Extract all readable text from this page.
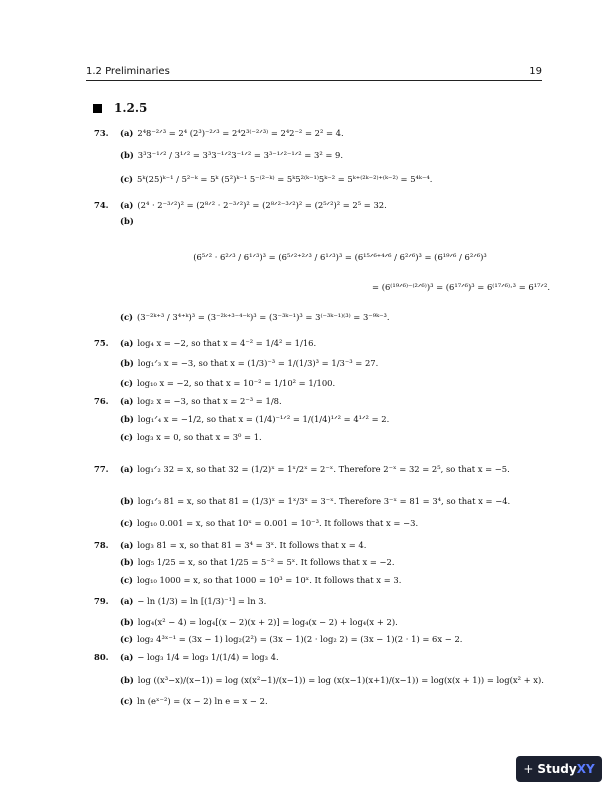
1.2 Preliminaries	19
1.2.5
73. (a) 2⁴8⁻²ᐟ³ = 2⁴ (2³)⁻²ᐟ³ = 2⁴2³⁽⁻²ᐟ³⁾ = 2⁴2⁻² = 2² = 4.
(b) 3³3⁻¹ᐟ² / 3¹ᐟ² = 3³3⁻¹ᐟ²3⁻¹ᐟ² = 3³⁻¹ᐟ²⁻¹ᐟ² = 3² = 9.
(c) 5ᵏ(25)ᵏ⁻¹ / 5²⁻ᵏ = 5ᵏ (5²)ᵏ⁻¹ 5⁻⁽²⁻ᵏ⁾ = 5ᵏ5²⁽ᵏ⁻¹⁾5ᵏ⁻² = 5ᵏ⁺⁽²ᵏ⁻²⁾⁺⁽ᵏ⁻²⁾ = 5⁴ᵏ⁻⁴.
74. (a) (2⁴ · 2⁻³ᐟ²)² = (2⁸ᐟ² · 2⁻³ᐟ²)² = (2⁸ᐟ²⁻³ᐟ²)² = (2⁵ᐟ²)² = 2⁵ = 32.
(b)
75. (a) log₄ x = −2, so that x = 4⁻² = 1/4² = 1/16.
(b) log₁ᐟ₃ x = −3, so that x = (1/3)⁻³ = 1/(1/3)³ = 1/3⁻³ = 27.
(c) log₁₀ x = −2, so that x = 10⁻² = 1/10² = 1/100.
76. (a) log₂ x = −3, so that x = 2⁻³ = 1/8.
(b) log₁ᐟ₄ x = −1/2, so that x = (1/4)⁻¹ᐟ² = 1/(1/4)¹ᐟ² = 4¹ᐟ² = 2.
(c) log₃ x = 0, so that x = 3⁰ = 1.
77. (a) log₁ᐟ₂ 32 = x, so that 32 = (1/2)ˣ = 1ˣ/2ˣ = 2⁻ˣ. Therefore 2⁻ˣ = 32 = 2⁵, so that x = −5.
(b) log₁ᐟ₃ 81 = x, so that 81 = (1/3)ˣ = 1ˣ/3ˣ = 3⁻ˣ. Therefore 3⁻ˣ = 81 = 3⁴, so that x = −4.
(c) log₁₀ 0.001 = x, so that 10ˣ = 0.001 = 10⁻³. It follows that x = −3.
78. (a) log₃ 81 = x, so that 81 = 3⁴ = 3ˣ. It follows that x = 4.
(b) log₅ 1/25 = x, so that 1/25 = 5⁻² = 5ˣ. It follows that x = −2.
(c) log₁₀ 1000 = x, so that 1000 = 10³ = 10ˣ. It follows that x = 3.
79. (a) − ln (1/3) = ln [(1/3)⁻¹] = ln 3.
(b) log₄(x² − 4) = log₄[(x − 2)(x + 2)] = log₄(x − 2) + log₄(x + 2).
(c) log₂ 4³ˣ⁻¹ = (3x − 1) log₂(2²) = (3x − 1)(2 · log₂ 2) = (3x − 1)(2 · 1) = 6x − 2.
80. (a) − log₃ 1/4 = log₃ 1/(1/4) = log₃ 4.
(b) log ((x³−x)/(x−1)) = log (x(x²−1)/(x−1)) = log (x(x−1)(x+1)/(x−1)) = log(x(x + 1)) = log(x² + x).
(c) ln (eˣ⁻²) = (x − 2) ln e = x − 2.
(6⁵ᐟ² · 6²ᐟ³ / 6¹ᐟ³)³ = (6⁵ᐟ²⁺²ᐟ³ / 6¹ᐟ³)³ = (6¹⁵ᐟ⁶⁺⁴ᐟ⁶ / 6²ᐟ⁶)³ = (6¹⁹ᐟ⁶ / 6²ᐟ⁶)³
= (6⁽¹⁹ᐟ⁶⁾⁻⁽²ᐟ⁶⁾)³ = (6¹⁷ᐟ⁶)³ = 6⁽¹⁷ᐟ⁶⁾·³ = 6¹⁷ᐟ².
(c) (3⁻²ᵏ⁺³ / 3⁴⁺ᵏ)³ = (3⁻²ᵏ⁺³⁻⁴⁻ᵏ)³ = (3⁻³ᵏ⁻¹)³ = 3⁽⁻³ᵏ⁻¹⁾⁽³⁾ = 3⁻⁹ᵏ⁻³.
+ StudyXY
